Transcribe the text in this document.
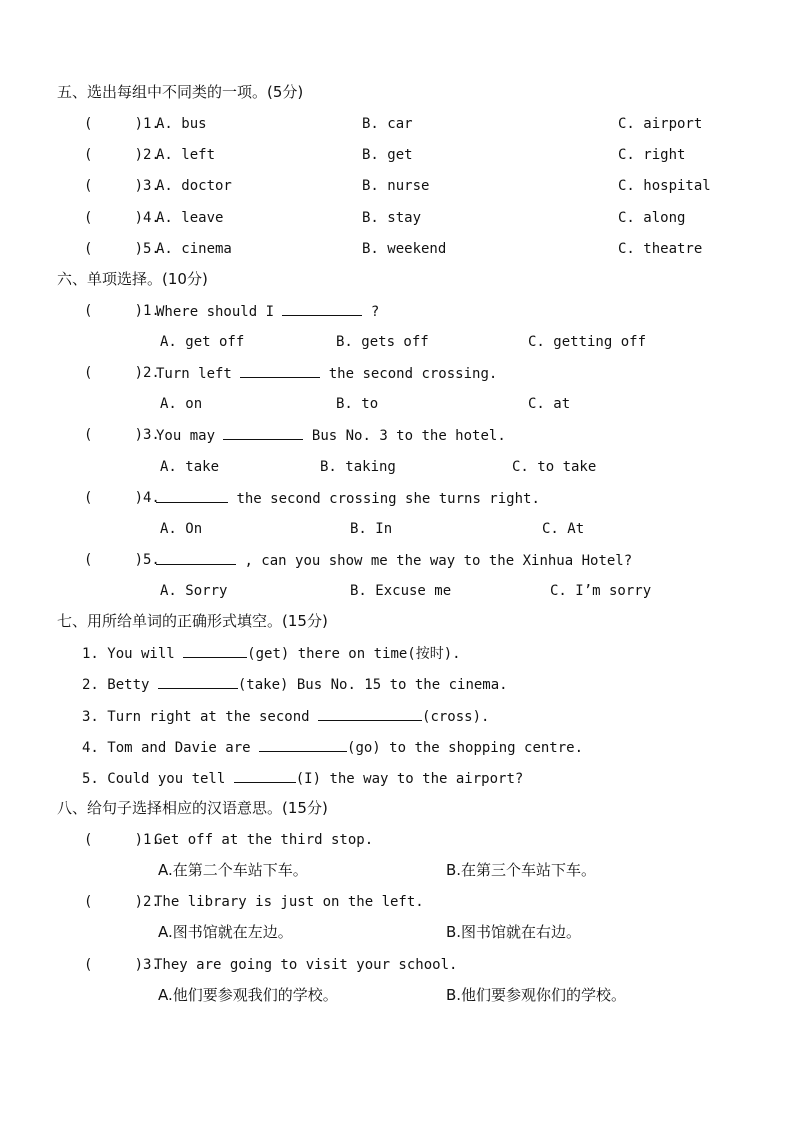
五、选出每组中不同类的一项。(5分)
(     )1.
A. bus	B. car	C. airport
(     )2.
A. left	B. get	C. right
(     )3.
A. doctor	B. nurse	C. hospital
(     )4.
A. leave	B. stay	C. along
(     )5.
A. cinema	B. weekend	C. theatre
六、单项选择。(10分)
(     )1.
Where should I	?
A. get off	B. gets off	C. getting off
(     )2.
Turn left	the second crossing.
A. on	B. to	C. at
(     )3.
You may	Bus No. 3 to the hotel.
A. take	B. taking	C. to take
(     )4.	the second crossing she turns right.
A. On	B. In	C. At
(     )5.	, can you show me the way to the Xinhua Hotel?
A. Sorry	B. Excuse me	C. I’m sorry
七、用所给单词的正确形式填空。(15分)
1. You will	(get) there on time(按时).
2. Betty	(take) Bus No. 15 to the cinema.
3. Turn right at the second	(cross).
4. Tom and Davie are	(go) to the shopping centre.
5. Could you tell	(I) the way to the airport?
八、给句子选择相应的汉语意思。(15分)
(     )1.
Get off at the third stop.
A.在第二个车站下车。	B.在第三个车站下车。
(     )2.
The library is just on the left.
A.图书馆就在左边。	B.图书馆就在右边。
(     )3.
They are going to visit your school.
A.他们要参观我们的学校。	B.他们要参观你们的学校。
